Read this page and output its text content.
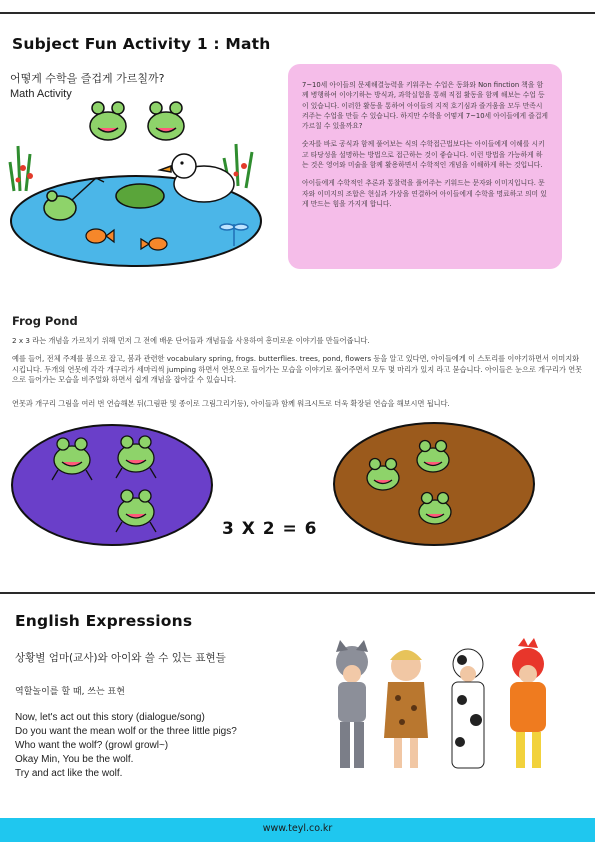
Subject Fun Activity 1 : Math
어떻게 수학을 즐겁게 가르칠까?
Math Activity

7~10세 아이들의 문제해결능력을 키워주는 수업은 동화와 Non finction 책을 함께 병행하여 이야기하는 방식과, 과학실험을 통해 직접 활동을 함께 해보는 수업 등이 있습니다. 이러한 활동을 통하여 아이들의 지적 호기심과 즐거움을 모두 만족시켜주는 수업을 만들 수 있습니다. 하지만 수학을 어떻게 7~10세 아이들에게 즐겁게 가르칠 수 있을까요?

숫자를 바로 공식과 함께 풀어보는 식의 수학접근법보다는 아이들에게 이해를 시키고 타당성을 설명하는 방법으로 접근하는 것이 좋습니다. 이런 방법을 가능하게 하는 것은 영어와 미술을 함께 활용하면서 수학적인 개념을 이해하게 하는 것입니다.

아이들에게 수학적인 추론과 통찰력을 풀어주는 키워드는 문자와 이미지입니다. 문자와 이미지의 조합은 현실과 가상을 연결하여 아이들에게 수학을 명료하고 의미 있게 만드는 힘을 가지게 합니다.

Frog Pond
2 x 3 라는 개념을 가르치기 위해 먼저 그 전에 배운 단어들과 개념들을 사용하여 흥미로운 이야기를 만들어줍니다.
예를 들어, 전체 주제를 봄으로 잡고, 봄과 관련한 vocabulary spring, frogs. butterflies. trees, pond, flowers 등을 알고 있다면, 아이들에게 이 스토리를 이야기하면서 이미지화 시킵니다. 두개의 연못에 각각 개구리가 세마리씩 jumping 하면서 연못으로 들어가는 모습을 이야기로 풀어주면서 모두 몇 마리가 있지 라고 묻습니다. 아이들은 눈으로 개구리가 연못으로 들어가는 모습을 비주얼화 하면서 쉽게 개념을 잡아갈 수 있습니다.
연못과 개구리 그림을 여러 번 연습해본 뒤(그림판 및 종이로 그림그리기등), 아이들과 함께 워크시트로 더욱 확장된 연습을 해보시면 됩니다.
3 X 2 = 6
English Expressions
상황별 엄마(교사)와 아이와 쓸 수 있는 표현들
역할놀이를 할 때, 쓰는 표현
Now, let's act out this story (dialogue/song)
Do you want the mean wolf or the three little pigs?
Who want the wolf? (growl growl~)
Okay Min, You be the wolf.
Try and act like the wolf.
www.teyl.co.kr
